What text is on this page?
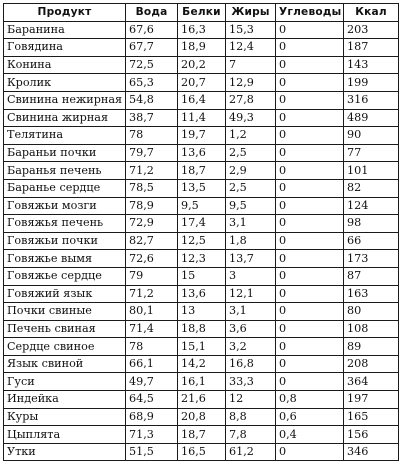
Продукт	Вода	Белки	Жиры	Углеводы	Ккал
Баранина	67,6	16,3	15,3	0	203
Говядина	67,7	18,9	12,4	0	187
Конина	72,5	20,2	7	0	143
Кролик	65,3	20,7	12,9	0	199
Свинина нежирная	54,8	16,4	27,8	0	316
Свинина жирная	38,7	11,4	49,3	0	489
Телятина	78	19,7	1,2	0	90
Бараньи почки	79,7	13,6	2,5	0	77
Баранья печень	71,2	18,7	2,9	0	101
Баранье сердце	78,5	13,5	2,5	0	82
Говяжьи мозги	78,9	9,5	9,5	0	124
Говяжья печень	72,9	17,4	3,1	0	98
Говяжьи почки	82,7	12,5	1,8	0	66
Говяжье вымя	72,6	12,3	13,7	0	173
Говяжье сердце	79	15	3	0	87
Говяжий язык	71,2	13,6	12,1	0	163
Почки свиные	80,1	13	3,1	0	80
Печень свиная	71,4	18,8	3,6	0	108
Сердце свиное	78	15,1	3,2	0	89
Язык свиной	66,1	14,2	16,8	0	208
Гуси	49,7	16,1	33,3	0	364
Индейка	64,5	21,6	12	0,8	197
Куры	68,9	20,8	8,8	0,6	165
Цыплята	71,3	18,7	7,8	0,4	156
Утки	51,5	16,5	61,2	0	346
